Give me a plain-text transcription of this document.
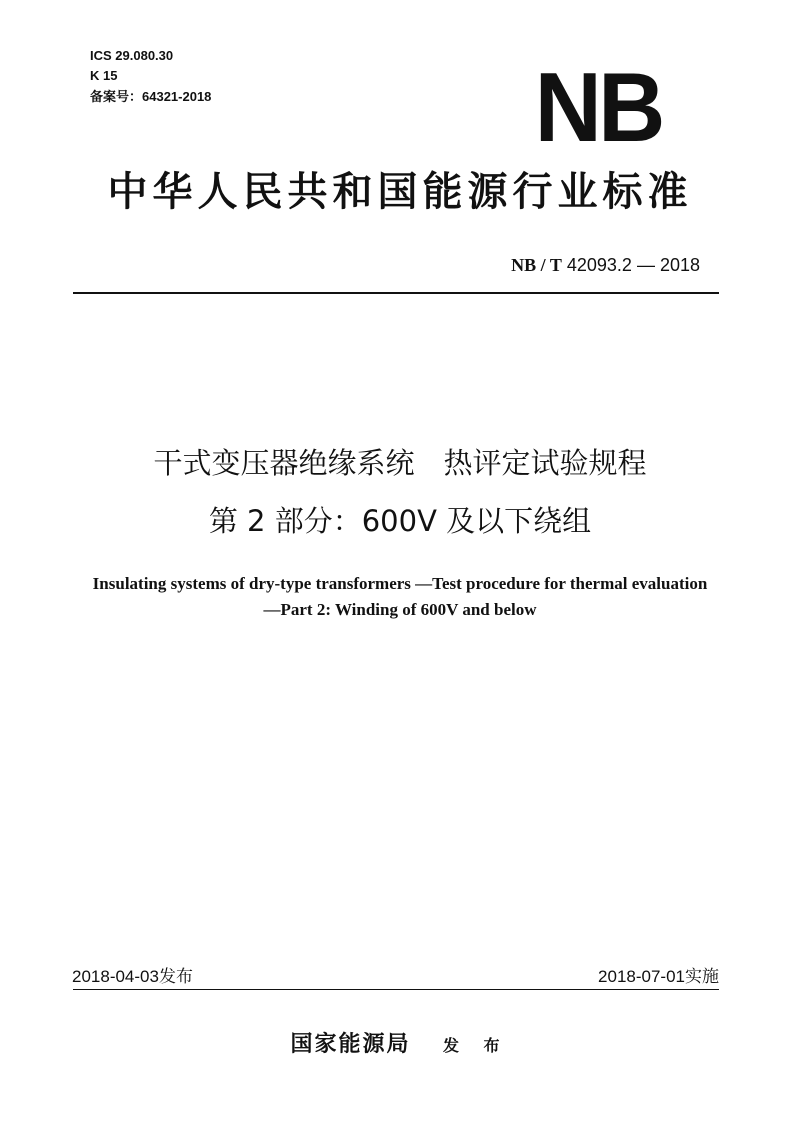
ICS 29.080.30
K 15
备案号：64321-2018	NB
中华人民共和国能源行业标准
NB / T 42093.2 — 2018
干式变压器绝缘系统　热评定试验规程
第 2 部分：600V 及以下绕组
Insulating systems of dry-type transformers —Test procedure for thermal evaluation
—Part 2: Winding of 600V and below
2018-04-03发布	2018-07-01实施
国家能源局 发 布
